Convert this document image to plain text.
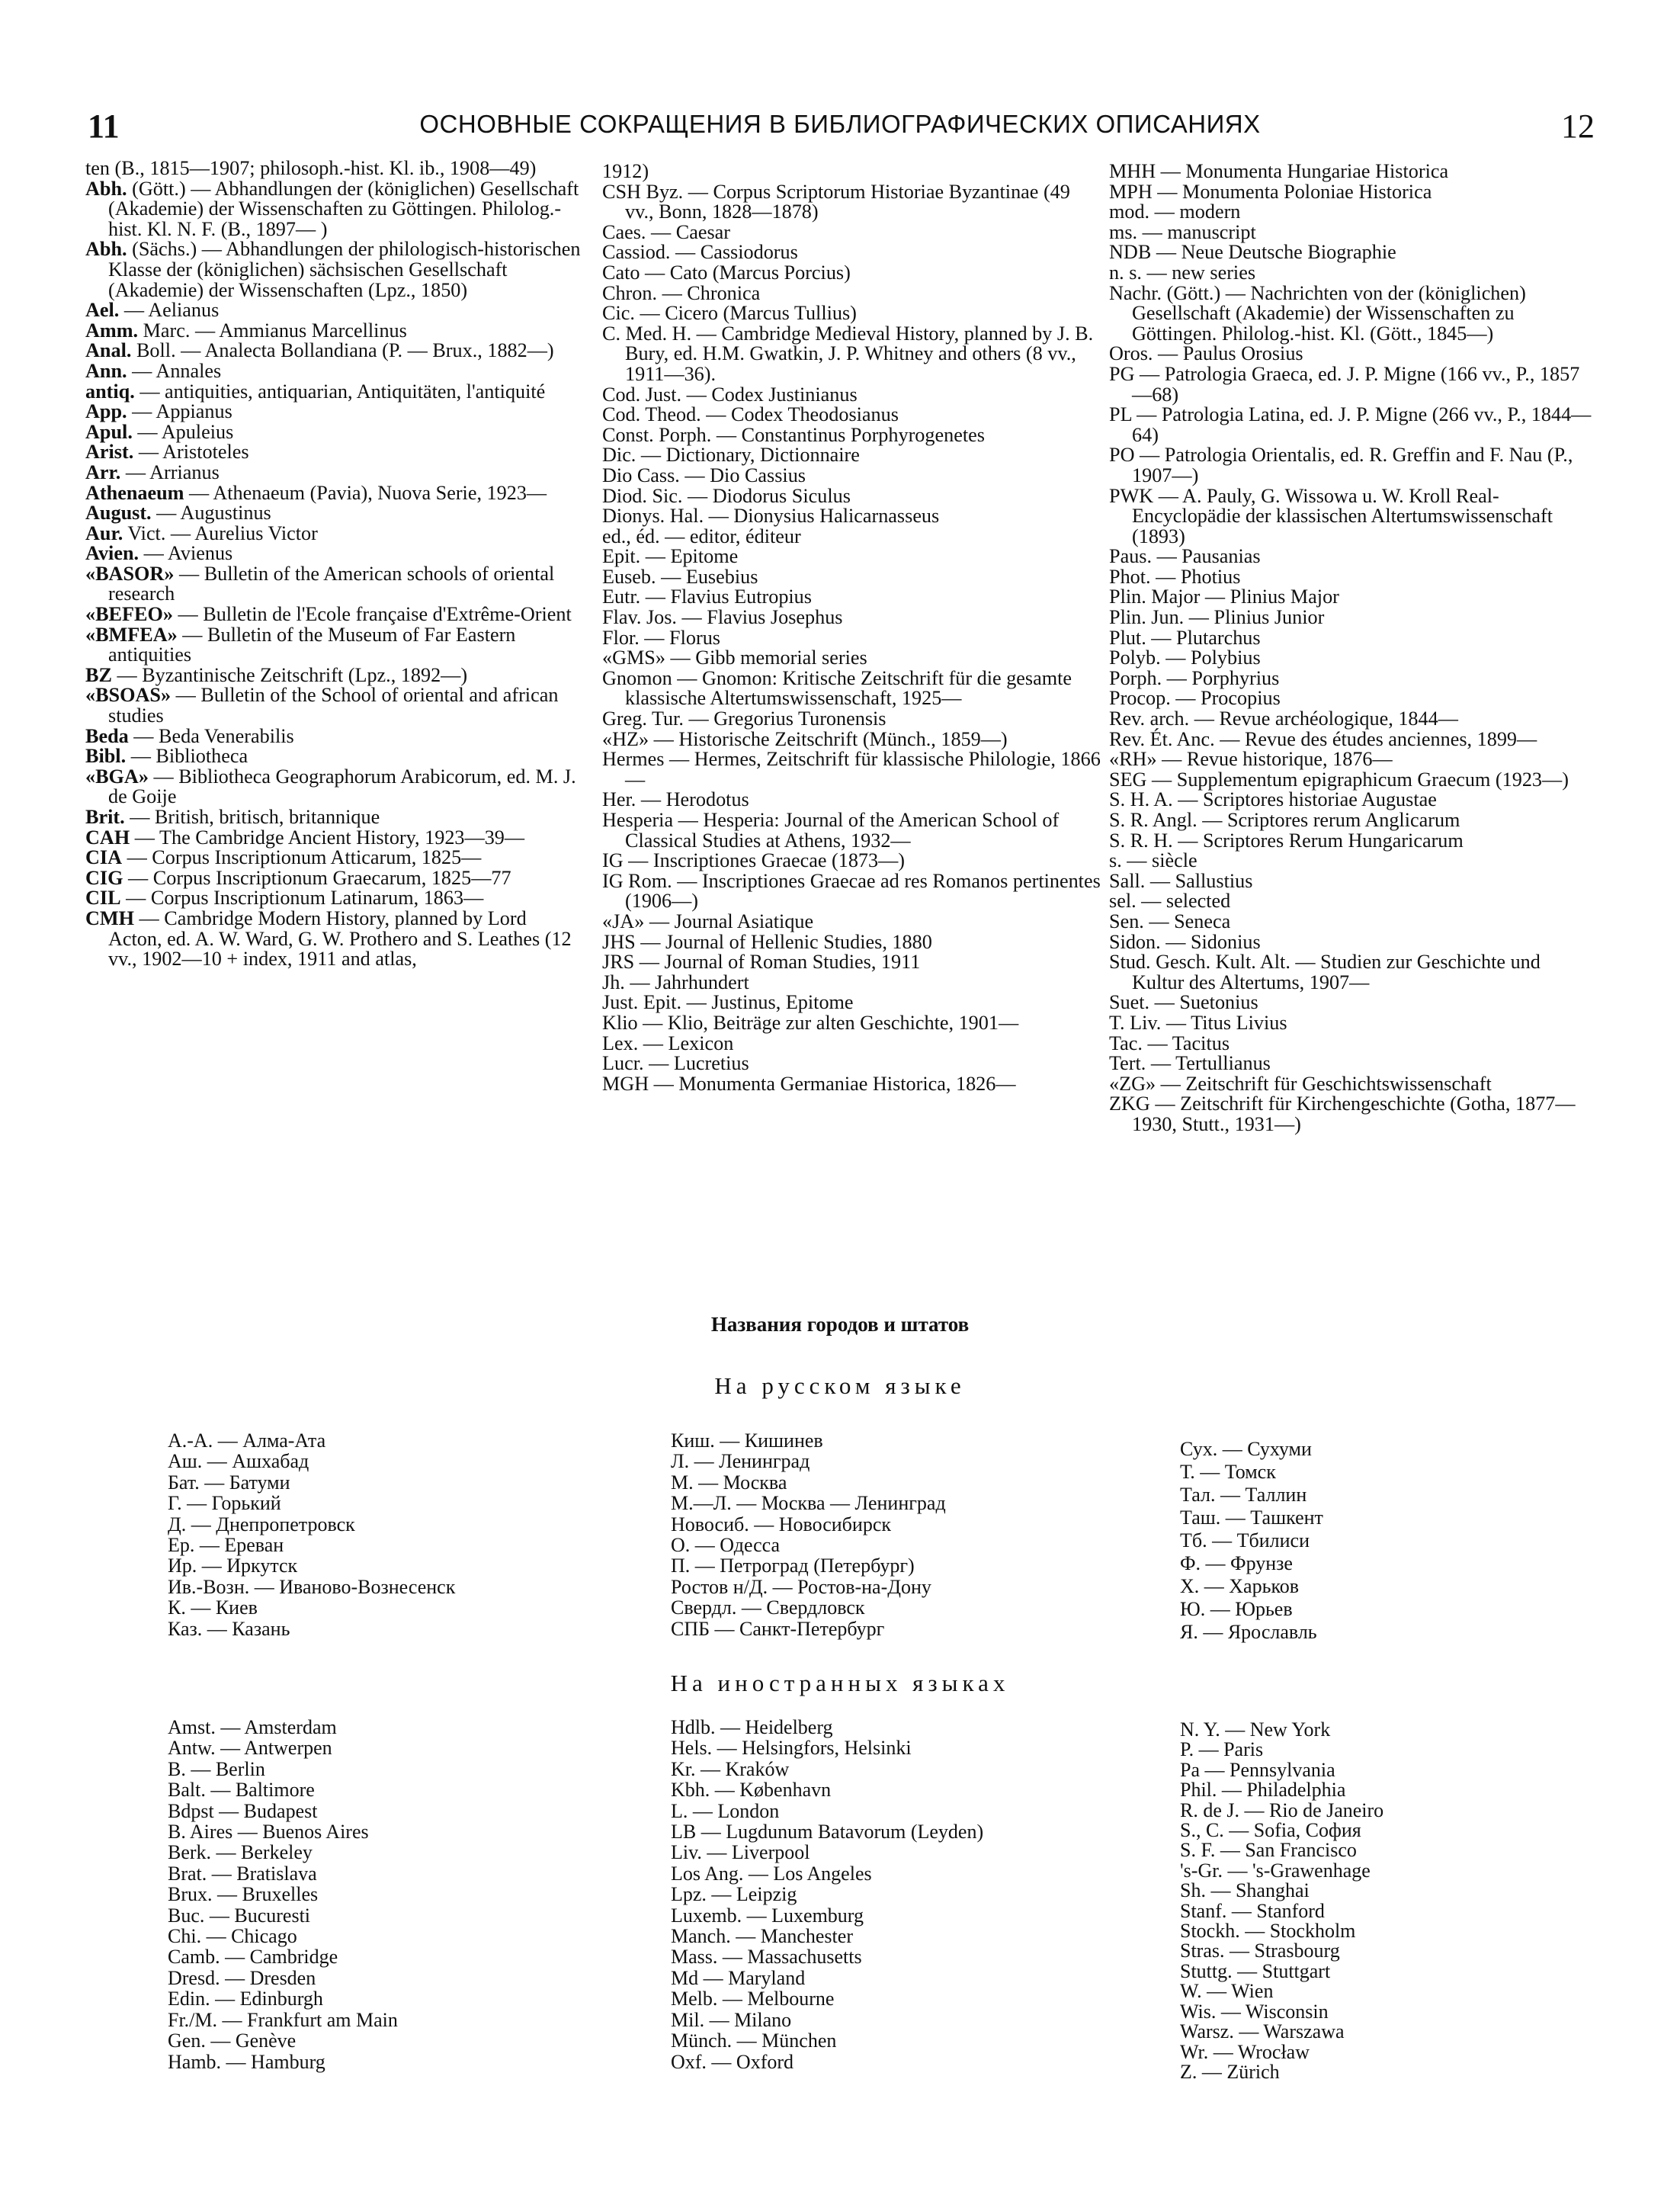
11	ОСНОВНЫЕ СОКРАЩЕНИЯ В БИБЛИОГРАФИЧЕСКИХ ОПИСАНИЯХ	12
ten (B., 1815—1907; philosoph.-hist. Kl. ib., 1908—49)
Abh. (Gött.) — Abhandlungen der (königlichen) Gesellschaft (Akademie) der Wissenschaften zu Göttingen. Philolog.-hist. Kl. N. F. (B., 1897— )
Abh. (Sächs.) — Abhandlungen der philologisch-historischen Klasse der (königlichen) sächsischen Gesellschaft (Akademie) der Wissenschaften (Lpz., 1850)
Ael. — Aelianus
Amm. Marc. — Ammianus Marcellinus
Anal. Boll. — Analecta Bollandiana (P. — Brux., 1882—)
Ann. — Annales
antiq. — antiquities, antiquarian, Antiquitäten, l'antiquité
App. — Appianus
Apul. — Apuleius
Arist. — Aristoteles
Arr. — Arrianus
Athenaeum — Athenaeum (Pavia), Nuova Serie, 1923—
August. — Augustinus
Aur. Vict. — Aurelius Victor
Avien. — Avienus
«BASOR» — Bulletin of the American schools of oriental research
«BEFEO» — Bulletin de l'Ecole française d'Extrême-Orient
«BMFEA» — Bulletin of the Museum of Far Eastern antiquities
BZ — Byzantinische Zeitschrift (Lpz., 1892—)
«BSOAS» — Bulletin of the School of oriental and african studies
Beda — Beda Venerabilis
Bibl. — Bibliotheca
«BGA» — Bibliotheca Geographorum Arabicorum, ed. M. J. de Goije
Brit. — British, britisch, britannique
CAH — The Cambridge Ancient History, 1923—39—
CIA — Corpus Inscriptionum Atticarum, 1825—
CIG — Corpus Inscriptionum Graecarum, 1825—77
CIL — Corpus Inscriptionum Latinarum, 1863—
CMH — Cambridge Modern History, planned by Lord Acton, ed. A. W. Ward, G. W. Prothero and S. Leathes (12 vv., 1902—10 + index, 1911 and atlas,
1912)
CSH Byz. — Corpus Scriptorum Historiae Byzantinae (49 vv., Bonn, 1828—1878)
Caes. — Caesar
Cassiod. — Cassiodorus
Cato — Cato (Marcus Porcius)
Chron. — Chronica
Cic. — Cicero (Marcus Tullius)
C. Med. H. — Cambridge Medieval History, planned by J. B. Bury, ed. H.M. Gwatkin, J. P. Whitney and others (8 vv., 1911—36).
Cod. Just. — Codex Justinianus
Cod. Theod. — Codex Theodosianus
Const. Porph. — Constantinus Porphyrogenetes
Dic. — Dictionary, Dictionnaire
Dio Cass. — Dio Cassius
Diod. Sic. — Diodorus Siculus
Dionys. Hal. — Dionysius Halicarnasseus
ed., éd. — editor, éditeur
Epit. — Epitome
Euseb. — Eusebius
Eutr. — Flavius Eutropius
Flav. Jos. — Flavius Josephus
Flor. — Florus
«GMS» — Gibb memorial series
Gnomon — Gnomon: Kritische Zeitschrift für die gesamte klassische Altertumswissenschaft, 1925—
Greg. Tur. — Gregorius Turonensis
«HZ» — Historische Zeitschrift (Münch., 1859—)
Hermes — Hermes, Zeitschrift für klassische Philologie, 1866—
Her. — Herodotus
Hesperia — Hesperia: Journal of the American School of Classical Studies at Athens, 1932—
IG — Inscriptiones Graecae (1873—)
IG Rom. — Inscriptiones Graecae ad res Romanos pertinentes (1906—)
«JA» — Journal Asiatique
JHS — Journal of Hellenic Studies, 1880
JRS — Journal of Roman Studies, 1911
Jh. — Jahrhundert
Just. Epit. — Justinus, Epitome
Klio — Klio, Beiträge zur alten Geschichte, 1901—
Lex. — Lexicon
Lucr. — Lucretius
MGH — Monumenta Germaniae Historica, 1826—
MHH — Monumenta Hungariae Historica
MPH — Monumenta Poloniae Historica
mod. — modern
ms. — manuscript
NDB — Neue Deutsche Biographie
n. s. — new series
Nachr. (Gött.) — Nachrichten von der (königlichen) Gesellschaft (Akademie) der Wissenschaften zu Göttingen. Philolog.-hist. Kl. (Gött., 1845—)
Oros. — Paulus Orosius
PG — Patrologia Graeca, ed. J. P. Migne (166 vv., P., 1857—68)
PL — Patrologia Latina, ed. J. P. Migne (266 vv., P., 1844—64)
PO — Patrologia Orientalis, ed. R. Greffin and F. Nau (P., 1907—)
PWK — A. Pauly, G. Wissowa u. W. Kroll Real-Encyclopädie der klassischen Altertumswissenschaft (1893)
Paus. — Pausanias
Phot. — Photius
Plin. Major — Plinius Major
Plin. Jun. — Plinius Junior
Plut. — Plutarchus
Polyb. — Polybius
Porph. — Porphyrius
Procop. — Procopius
Rev. arch. — Revue archéologique, 1844—
Rev. Ét. Anc. — Revue des études anciennes, 1899—
«RH» — Revue historique, 1876—
SEG — Supplementum epigraphicum Graecum (1923—)
S. H. A. — Scriptores historiae Augustae
S. R. Angl. — Scriptores rerum Anglicarum
S. R. H. — Scriptores Rerum Hungaricarum
s. — siècle
Sall. — Sallustius
sel. — selected
Sen. — Seneca
Sidon. — Sidonius
Stud. Gesch. Kult. Alt. — Studien zur Geschichte und Kultur des Altertums, 1907—
Suet. — Suetonius
T. Liv. — Titus Livius
Tac. — Tacitus
Tert. — Tertullianus
«ZG» — Zeitschrift für Geschichtswissenschaft
ZKG — Zeitschrift für Kirchengeschichte (Gotha, 1877—1930, Stutt., 1931—)
Названия городов и штатов
На русском языке
А.-А. — Алма-Ата
Аш. — Ашхабад
Бат. — Батуми
Г. — Горький
Д. — Днепропетровск
Ер. — Ереван
Ир. — Иркутск
Ив.-Возн. — Иваново-Вознесенск
К. — Киев
Каз. — Казань
Киш. — Кишинев
Л. — Ленинград
М. — Москва
М.—Л. — Москва — Ленинград
Новосиб. — Новосибирск
О. — Одесса
П. — Петроград (Петербург)
Ростов н/Д. — Ростов-на-Дону
Свердл. — Свердловск
СПБ — Санкт-Петербург
Сух. — Сухуми
Т. — Томск
Тал. — Таллин
Таш. — Ташкент
Тб. — Тбилиси
Ф. — Фрунзе
Х. — Харьков
Ю. — Юрьев
Я. — Ярославль
На иностранных языках
Amst. — Amsterdam
Antw. — Antwerpen
B. — Berlin
Balt. — Baltimore
Bdpst — Budapest
B. Aires — Buenos Aires
Berk. — Berkeley
Brat. — Bratislava
Brux. — Bruxelles
Buc. — Bucuresti
Chi. — Chicago
Camb. — Cambridge
Dresd. — Dresden
Edin. — Edinburgh
Fr./M. — Frankfurt am Main
Gen. — Genève
Hamb. — Hamburg
Hdlb. — Heidelberg
Hels. — Helsingfors, Helsinki
Kr. — Kraków
Kbh. — København
L. — London
LB — Lugdunum Batavorum (Leyden)
Liv. — Liverpool
Los Ang. — Los Angeles
Lpz. — Leipzig
Luxemb. — Luxemburg
Manch. — Manchester
Mass. — Massachusetts
Md — Maryland
Melb. — Melbourne
Mil. — Milano
Münch. — München
Oxf. — Oxford
N. Y. — New York
P. — Paris
Pa — Pennsylvania
Phil. — Philadelphia
R. de J. — Rio de Janeiro
S., C. — Sofia, София
S. F. — San Francisco
's-Gr. — 's-Grawenhage
Sh. — Shanghai
Stanf. — Stanford
Stockh. — Stockholm
Stras. — Strasbourg
Stuttg. — Stuttgart
W. — Wien
Wis. — Wisconsin
Warsz. — Warszawa
Wr. — Wrocław
Z. — Zürich
